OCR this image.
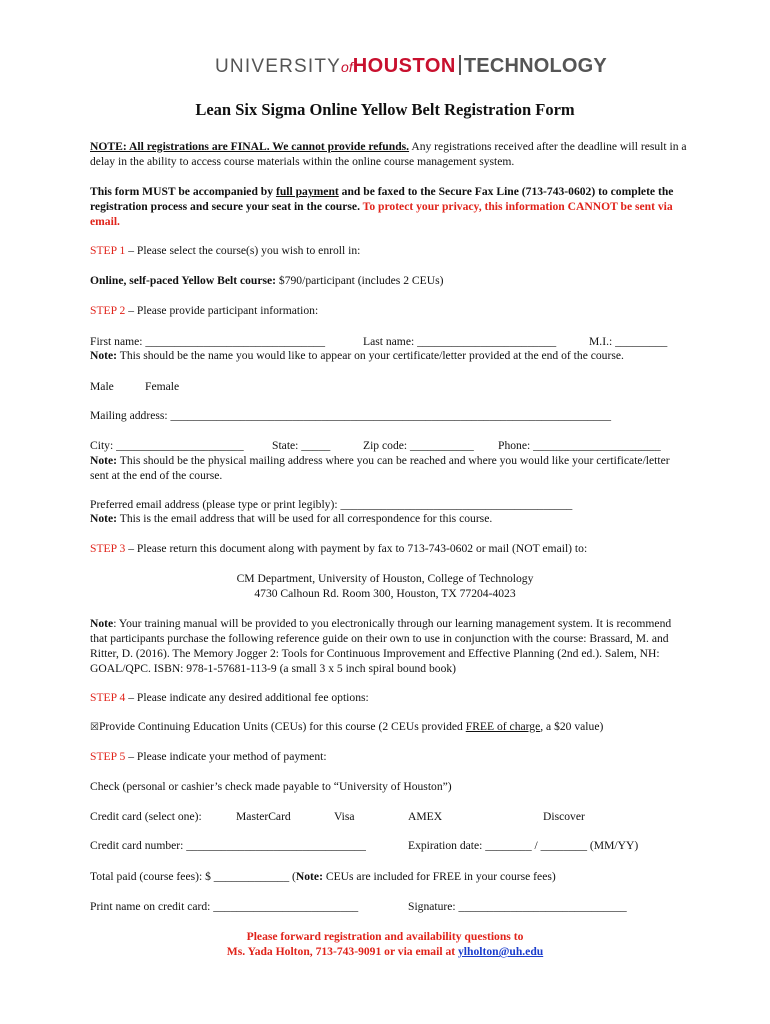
UNIVERSITYofHOUSTON TECHNOLOGY
Lean Six Sigma Online Yellow Belt Registration Form
NOTE: All registrations are FINAL. We cannot provide refunds. Any registrations received after the deadline will result in a delay in the ability to access course materials within the online course management system.
This form MUST be accompanied by full payment and be faxed to the Secure Fax Line (713-743-0602) to complete the registration process and secure your seat in the course. To protect your privacy, this information CANNOT be sent via email.
STEP 1 – Please select the course(s) you wish to enroll in:
Online, self-paced Yellow Belt course: $790/participant (includes 2 CEUs)
STEP 2 – Please provide participant information:
First name: _______________________________	Last name: ________________________	M.I.: _________
Note: This should be the name you would like to appear on your certificate/letter provided at the end of the course.
Male	Female
Mailing address: ____________________________________________________________________________
City: ______________________ State: _____	Zip code: ___________ Phone: ______________________
Note: This should be the physical mailing address where you can be reached and where you would like your certificate/letter sent at the end of the course.
Preferred email address (please type or print legibly): ________________________________________
Note: This is the email address that will be used for all correspondence for this course.
STEP 3 – Please return this document along with payment by fax to 713-743-0602 or mail (NOT email) to:
CM Department, University of Houston, College of Technology
4730 Calhoun Rd. Room 300, Houston, TX 77204-4023
Note: Your training manual will be provided to you electronically through our learning management system. It is recommend that participants purchase the following reference guide on their own to use in conjunction with the course: Brassard, M. and Ritter, D. (2016). The Memory Jogger 2: Tools for Continuous Improvement and Effective Planning (2nd ed.). Salem, NH: GOAL/QPC. ISBN: 978-1-57681-113-9 (a small 3 x 5 inch spiral bound book)
STEP 4 – Please indicate any desired additional fee options:
☒Provide Continuing Education Units (CEUs) for this course (2 CEUs provided FREE of charge, a $20 value)
STEP 5 – Please indicate your method of payment:
Check (personal or cashier’s check made payable to “University of Houston”)
Credit card (select one):	MasterCard	Visa	AMEX	Discover
Credit card number: _______________________________	Expiration date: ________ / ________ (MM/YY)
Total paid (course fees): $ _____________ (Note: CEUs are included for FREE in your course fees)
Print name on credit card: _________________________	Signature: _____________________________
Please forward registration and availability questions to
Ms. Yada Holton, 713-743-9091 or via email at ylholton@uh.edu
